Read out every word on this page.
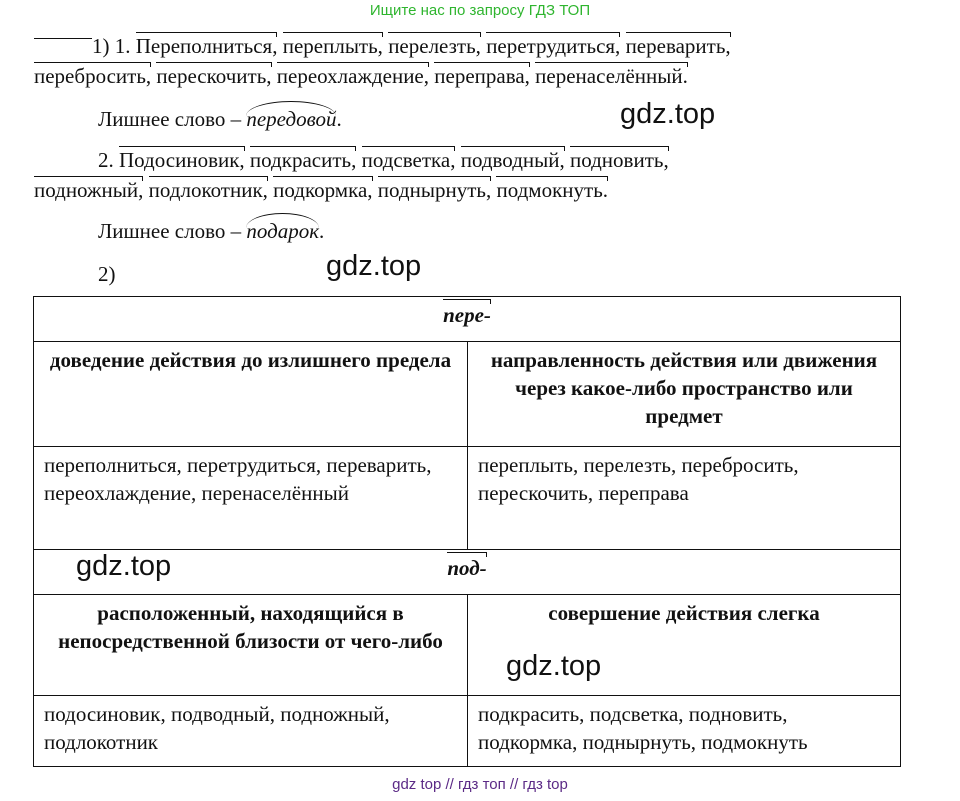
Ищите нас по запросу ГДЗ ТОП
1) 1. Переполниться, переплыть, перелезть, перетрудиться, переварить,
перебросить, перескочить, переохлаждение, переправа, перенаселённый.
Лишнее слово – передовой.	gdz.top
2. Подосиновик, подкрасить, подсветка, подводный, подновить,
подножный, подлокотник, подкормка, поднырнуть, подмокнуть.
Лишнее слово – подарок.
2)	gdz.top
пере-	
доведение действия до излишнего предела	направленность действия или движения через какое-либо пространство или предмет
переполниться, перетрудиться, переварить, переохлаждение, перенаселённый	переплыть, перелезть, перебросить, перескочить, переправа
под-	
расположенный, находящийся в непосредственной близости от чего-либо	совершение действия слегка
подосиновик, подводный, подножный, подлокотник	подкрасить, подсветка, подновить, подкормка, поднырнуть, подмокнуть
gdz.top
gdz.top
gdz top // гдз топ // гдз top
